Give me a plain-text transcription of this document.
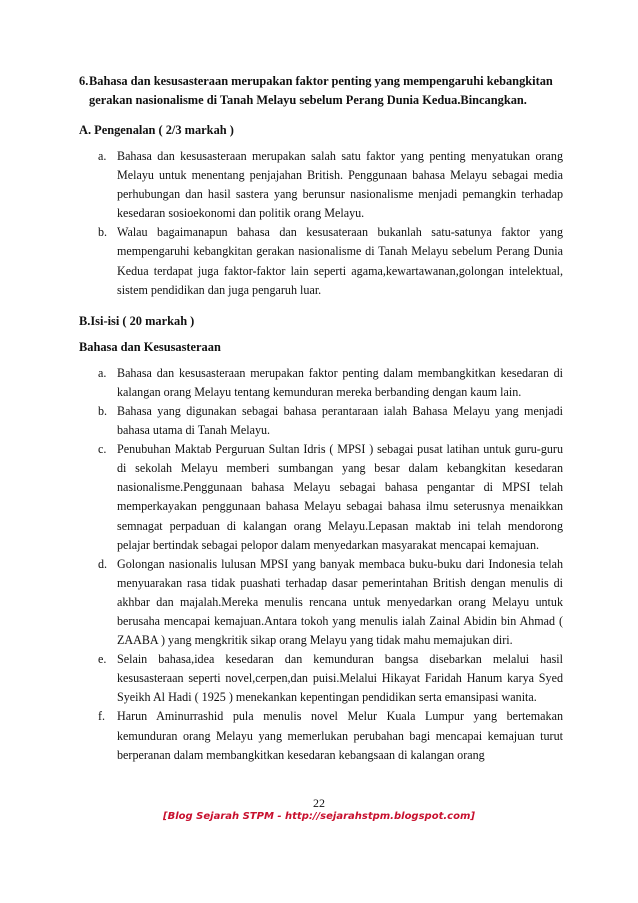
6. Bahasa dan kesusasteraan merupakan faktor penting yang mempengaruhi kebangkitan gerakan nasionalisme di Tanah Melayu sebelum Perang Dunia Kedua.Bincangkan.
A. Pengenalan ( 2/3 markah )
a. Bahasa dan kesusasteraan merupakan salah satu faktor yang penting menyatukan orang Melayu untuk menentang penjajahan British. Penggunaan bahasa Melayu sebagai media perhubungan dan hasil sastera yang berunsur nasionalisme menjadi pemangkin terhadap kesedaran sosioekonomi dan politik orang Melayu.
b. Walau bagaimanapun bahasa dan kesusateraan bukanlah satu-satunya faktor yang mempengaruhi kebangkitan gerakan nasionalisme di Tanah Melayu sebelum Perang Dunia Kedua terdapat juga faktor-faktor lain seperti agama,kewartawanan,golongan intelektual, sistem pendidikan dan juga pengaruh luar.
B.Isi-isi ( 20 markah )
Bahasa dan Kesusasteraan
a. Bahasa dan kesusasteraan merupakan faktor penting dalam membangkitkan kesedaran di kalangan orang Melayu tentang kemunduran mereka berbanding dengan kaum lain.
b. Bahasa yang digunakan sebagai bahasa perantaraan ialah Bahasa Melayu yang menjadi bahasa utama di Tanah Melayu.
c. Penubuhan Maktab Perguruan Sultan Idris ( MPSI ) sebagai pusat latihan untuk guru-guru di sekolah Melayu memberi sumbangan yang besar dalam kebangkitan kesedaran nasionalisme.Penggunaan bahasa Melayu sebagai bahasa pengantar di MPSI telah memperkayakan penggunaan bahasa Melayu sebagai bahasa ilmu seterusnya menaikkan semnagat perpaduan di kalangan orang Melayu.Lepasan maktab ini telah mendorong pelajar bertindak sebagai pelopor dalam menyedarkan masyarakat mencapai kemajuan.
d. Golongan nasionalis lulusan MPSI yang banyak membaca buku-buku dari Indonesia telah menyuarakan rasa tidak puashati terhadap dasar pemerintahan British dengan menulis di akhbar dan majalah.Mereka menulis rencana untuk menyedarkan orang Melayu untuk berusaha mencapai kemajuan.Antara tokoh yang menulis ialah Zainal Abidin bin Ahmad ( ZAABA ) yang mengkritik sikap orang Melayu yang tidak mahu memajukan diri.
e. Selain bahasa,idea kesedaran dan kemunduran bangsa disebarkan melalui hasil kesusasteraan seperti novel,cerpen,dan puisi.Melalui Hikayat Faridah Hanum karya Syed Syeikh Al Hadi ( 1925 ) menekankan kepentingan pendidikan serta emansipasi wanita.
f. Harun Aminurrashid pula menulis novel Melur Kuala Lumpur yang bertemakan kemunduran orang Melayu yang memerlukan perubahan bagi mencapai kemajuan turut berperanan dalam membangkitkan kesedaran kebangsaan di kalangan orang
22
[Blog Sejarah STPM - http://sejarahstpm.blogspot.com]
